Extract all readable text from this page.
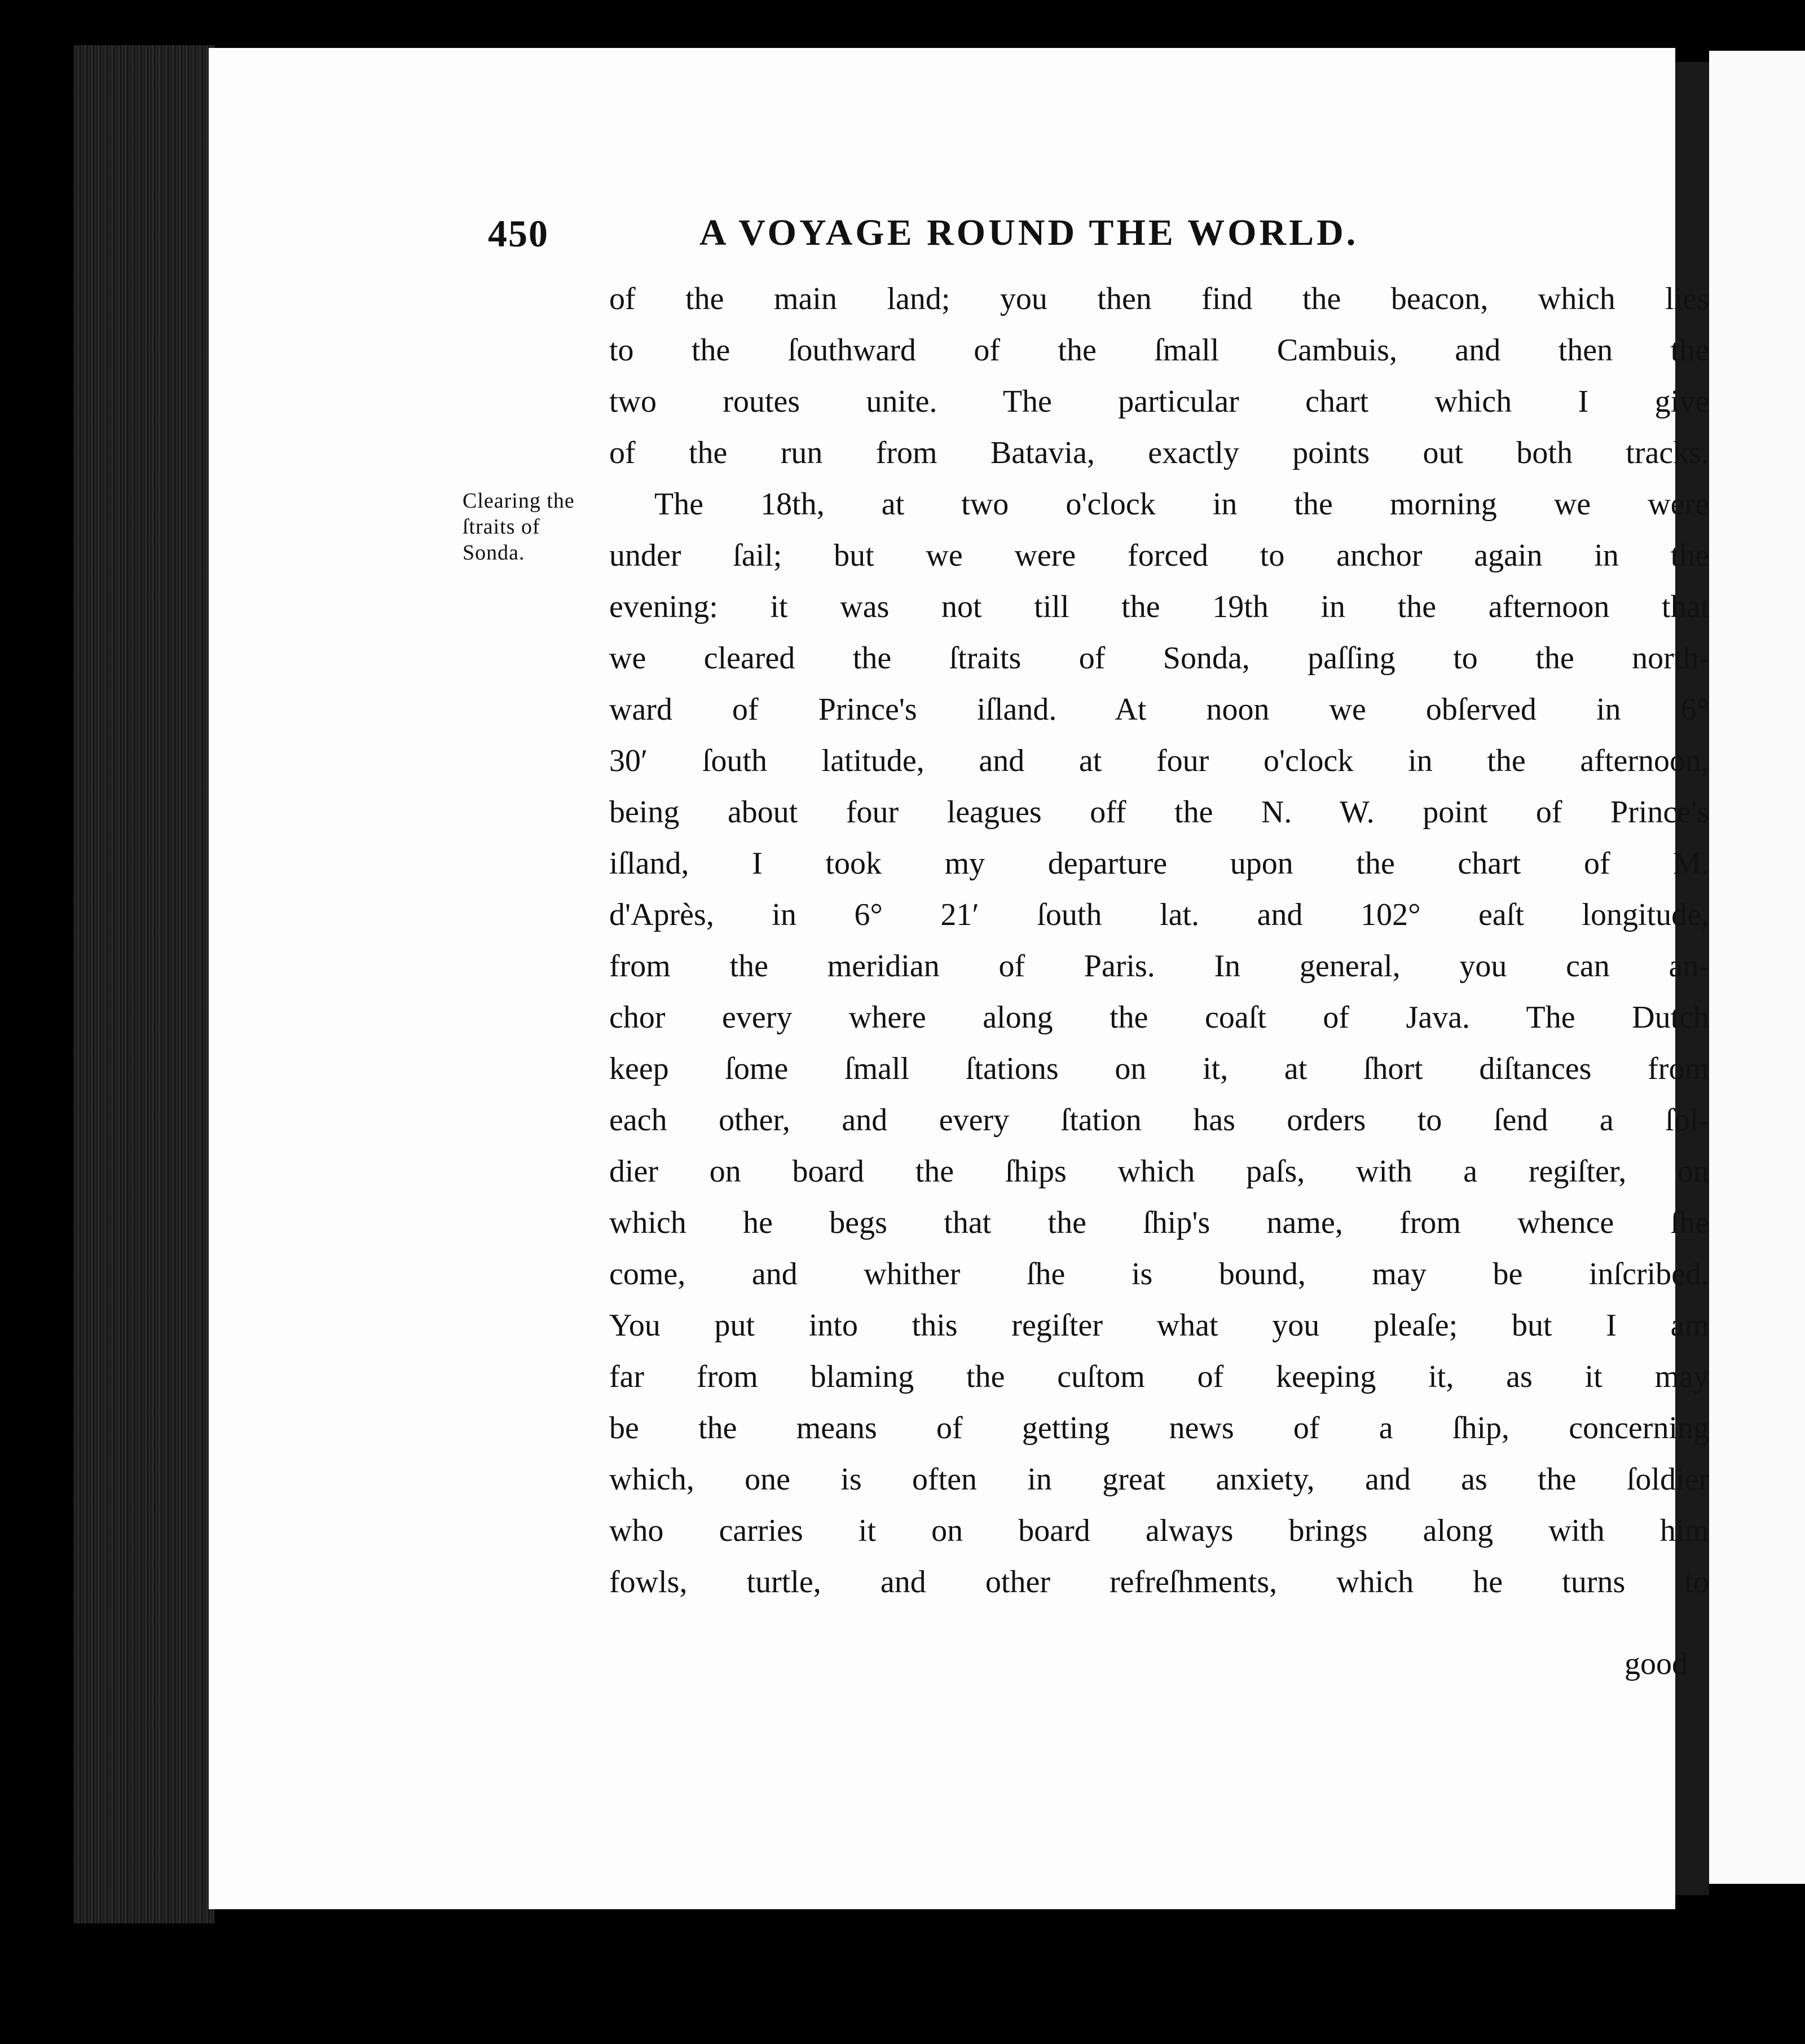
450	A VOYAGE ROUND THE WORLD.
Clearing the
ſtraits of
Sonda.
of the main land; you then find the beacon, which lies
to the ſouthward of the ſmall Cambuis, and then the
two routes unite. The particular chart which I give
of the run from Batavia, exactly points out both tracks.
The 18th, at two o'clock in the morning we were
under ſail; but we were forced to anchor again in the
evening: it was not till the 19th in the afternoon that
we cleared the ſtraits of Sonda, paſſing to the north-
ward of Prince's iſland. At noon we obſerved in 6°
30′ ſouth latitude, and at four o'clock in the afternoon,
being about four leagues off the N. W. point of Prince's
iſland, I took my departure upon the chart of M.
d'Après, in 6° 21′ ſouth lat. and 102° eaſt longitude,
from the meridian of Paris. In general, you can an-
chor every where along the coaſt of Java. The Dutch
keep ſome ſmall ſtations on it, at ſhort diſtances from
each other, and every ſtation has orders to ſend a ſol-
dier on board the ſhips which paſs, with a regiſter, on
which he begs that the ſhip's name, from whence ſhe
come, and whither ſhe is bound, may be inſcribed.
You put into this regiſter what you pleaſe; but I am
far from blaming the cuſtom of keeping it, as it may
be the means of getting news of a ſhip, concerning
which, one is often in great anxiety, and as the ſoldier
who carries it on board always brings along with him
fowls, turtle, and other refreſhments, which he turns to
good
